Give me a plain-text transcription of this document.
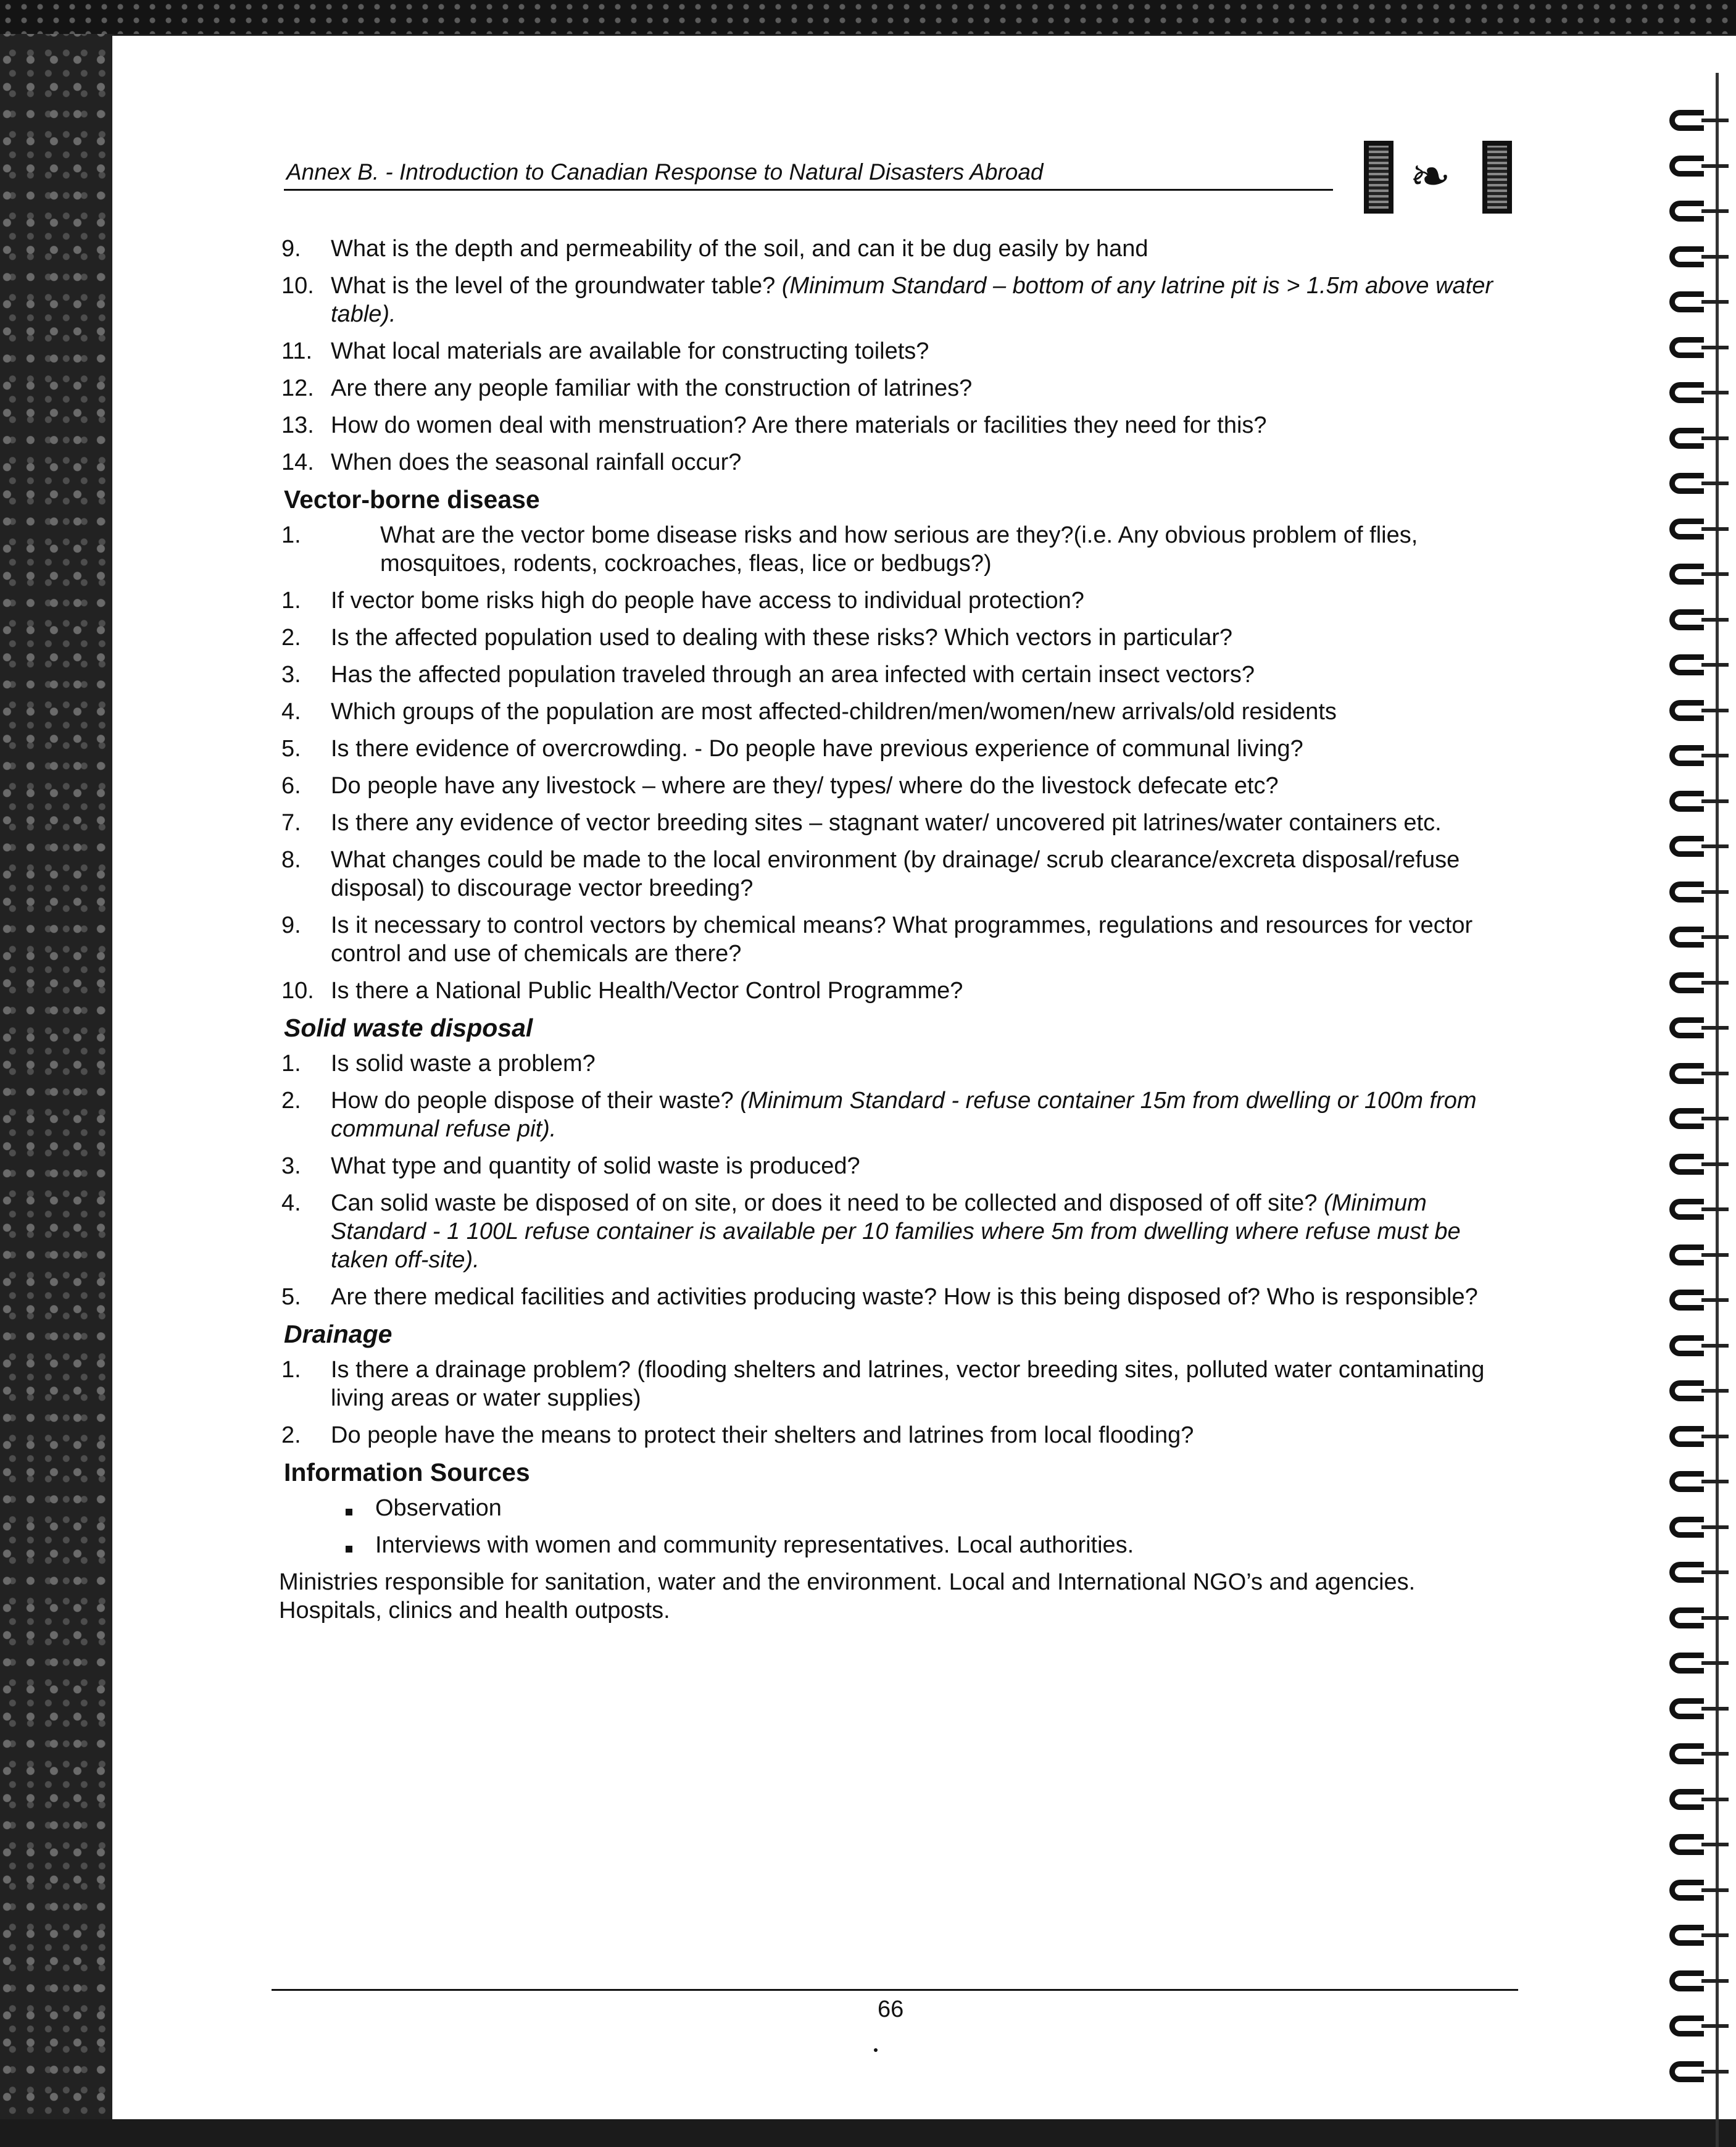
Annex B. - Introduction to Canadian Response to Natural Disasters Abroad	❧
9.	What is the depth and permeability of the soil, and can it be dug easily by hand
10. What is the level of the groundwater table? (Minimum Standard – bottom of any latrine pit is > 1.5m above water table).
11. What local materials are available for constructing toilets?
12. Are there any people familiar with the construction of latrines?
13. How do women deal with menstruation? Are there materials or facilities they need for this?
14. When does the seasonal rainfall occur?
Vector-borne disease
1.	What are the vector bome disease risks and how serious are they?(i.e. Any obvious problem of flies, mosquitoes, rodents, cockroaches, fleas, lice or bedbugs?)
1.	If vector bome risks high do people have access to individual protection?
2.	Is the affected population used to dealing with these risks? Which vectors in particular?
3.	Has the affected population traveled through an area infected with certain insect vectors?
4.	Which groups of the population are most affected-children/men/women/new arrivals/old residents
5.	Is there evidence of overcrowding. - Do people have previous experience of communal living?
6.	Do people have any livestock – where are they/ types/ where do the livestock defecate etc?
7.	Is there any evidence of vector breeding sites – stagnant water/ uncovered pit latrines/water containers etc.
8.	What changes could be made to the local environment (by drainage/ scrub clearance/excreta disposal/refuse disposal) to discourage vector breeding?
9.	Is it necessary to control vectors by chemical means? What programmes, regulations and resources for vector control and use of chemicals are there?
10. Is there a National Public Health/Vector Control Programme?
Solid waste disposal
1.	Is solid waste a problem?
2.	How do people dispose of their waste? (Minimum Standard - refuse container 15m from dwelling or 100m from communal refuse pit).
3.	What type and quantity of solid waste is produced?
4.	Can solid waste be disposed of on site, or does it need to be collected and disposed of off site? (Minimum Standard - 1 100L refuse container is available per 10 families where 5m from dwelling where refuse must be taken off-site).
5.	Are there medical facilities and activities producing waste? How is this being disposed of? Who is responsible?
Drainage
1.	Is there a drainage problem? (flooding shelters and latrines, vector breeding sites, polluted water contaminating living areas or water supplies)
2.	Do people have the means to protect their shelters and latrines from local flooding?
Information Sources
Observation
Interviews with women and community representatives. Local authorities.
Ministries responsible for sanitation, water and the environment. Local and International NGO’s and agencies. Hospitals, clinics and health outposts.
66
